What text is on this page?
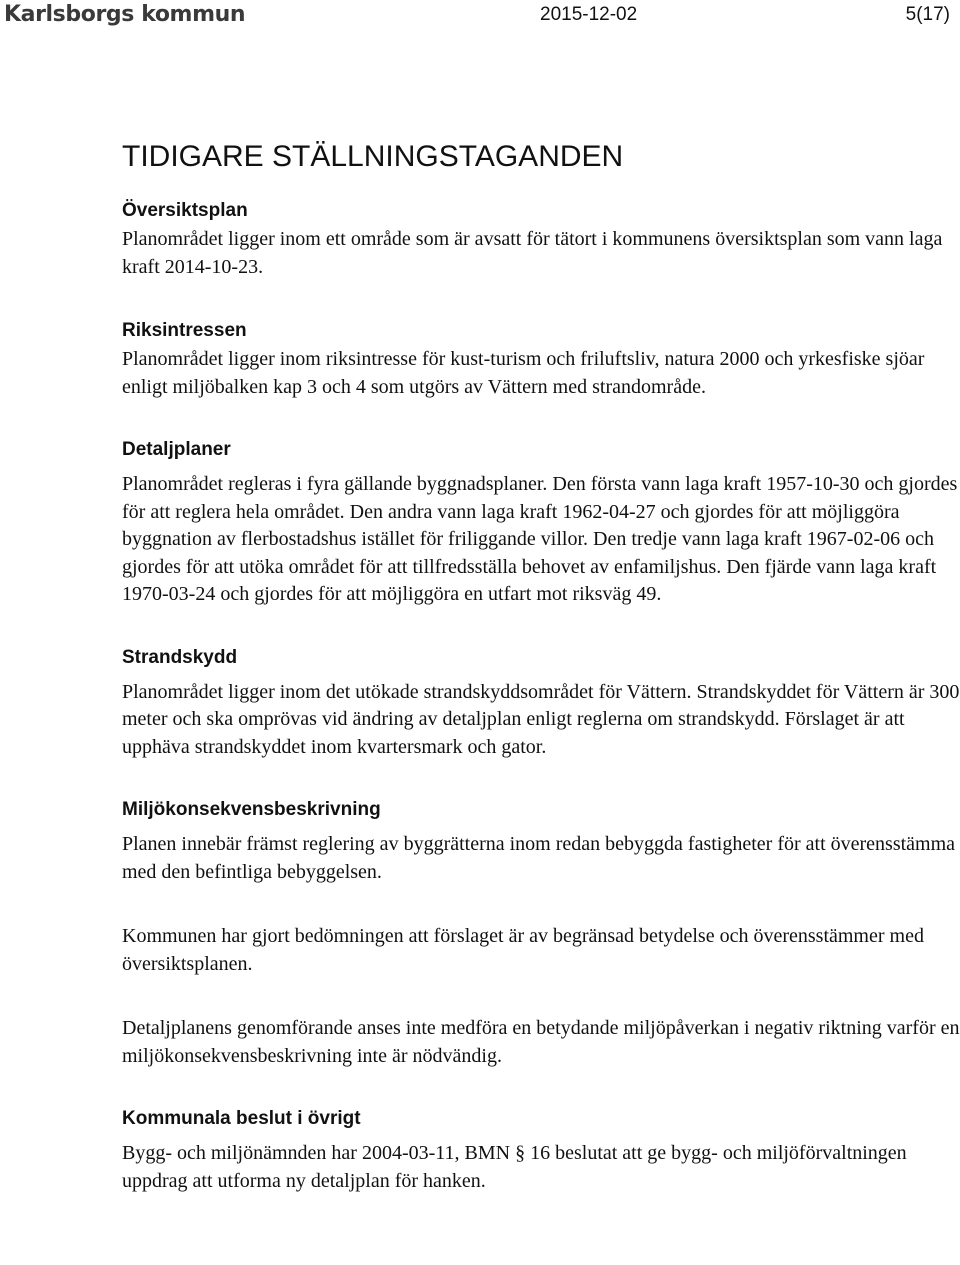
Karlsborgs kommun	2015-12-02	5(17)
TIDIGARE STÄLLNINGSTAGANDEN
Översiktsplan

Planområdet ligger inom ett område som är avsatt för tätort i kommunens översiktsplan som vann laga kraft 2014-10-23.

Riksintressen

Planområdet ligger inom riksintresse för kust-turism och friluftsliv, natura 2000 och yrkesfiske sjöar enligt miljöbalken kap 3 och 4 som utgörs av Vättern med strandområde.

Detaljplaner

Planområdet regleras i fyra gällande byggnadsplaner. Den första vann laga kraft 1957-10-30 och gjordes för att reglera hela området. Den andra vann laga kraft 1962-04-27 och gjordes för att möjliggöra byggnation av flerbostadshus istället för friliggande villor. Den tredje vann laga kraft 1967-02-06 och gjordes för att utöka området för att tillfredsställa behovet av enfamiljshus. Den fjärde vann laga kraft 1970-03-24 och gjordes för att möjliggöra en utfart mot riksväg 49.

Strandskydd

Planområdet ligger inom det utökade strandskyddsområdet för Vättern. Strandskyddet för Vättern är 300 meter och ska omprövas vid ändring av detaljplan enligt reglerna om strandskydd. Förslaget är att upphäva strandskyddet inom kvartersmark och gator.

Miljökonsekvensbeskrivning

Planen innebär främst reglering av byggrätterna inom redan bebyggda fastigheter för att överensstämma med den befintliga bebyggelsen.

Kommunen har gjort bedömningen att förslaget är av begränsad betydelse och överensstämmer med översiktsplanen.

Detaljplanens genomförande anses inte medföra en betydande miljöpåverkan i negativ riktning varför en miljökonsekvensbeskrivning inte är nödvändig.

Kommunala beslut i övrigt

Bygg- och miljönämnden har 2004-03-11, BMN § 16 beslutat att ge bygg- och miljöförvaltningen uppdrag att utforma ny detaljplan för hanken.
